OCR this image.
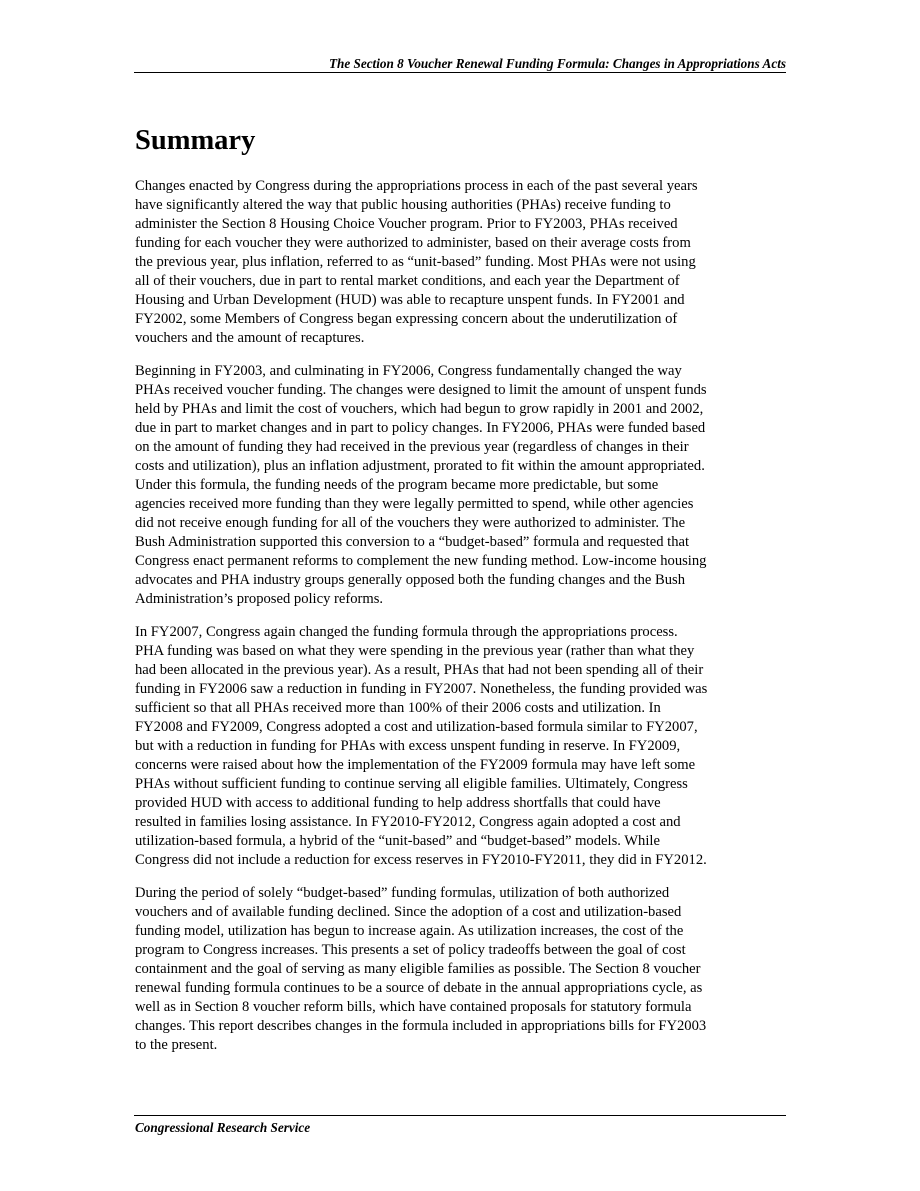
The Section 8 Voucher Renewal Funding Formula: Changes in Appropriations Acts
Summary

Changes enacted by Congress during the appropriations process in each of the past several years
have significantly altered the way that public housing authorities (PHAs) receive funding to
administer the Section 8 Housing Choice Voucher program. Prior to FY2003, PHAs received
funding for each voucher they were authorized to administer, based on their average costs from
the previous year, plus inflation, referred to as “unit-based” funding. Most PHAs were not using
all of their vouchers, due in part to rental market conditions, and each year the Department of
Housing and Urban Development (HUD) was able to recapture unspent funds. In FY2001 and
FY2002, some Members of Congress began expressing concern about the underutilization of
vouchers and the amount of recaptures.

Beginning in FY2003, and culminating in FY2006, Congress fundamentally changed the way
PHAs received voucher funding. The changes were designed to limit the amount of unspent funds
held by PHAs and limit the cost of vouchers, which had begun to grow rapidly in 2001 and 2002,
due in part to market changes and in part to policy changes. In FY2006, PHAs were funded based
on the amount of funding they had received in the previous year (regardless of changes in their
costs and utilization), plus an inflation adjustment, prorated to fit within the amount appropriated.
Under this formula, the funding needs of the program became more predictable, but some
agencies received more funding than they were legally permitted to spend, while other agencies
did not receive enough funding for all of the vouchers they were authorized to administer. The
Bush Administration supported this conversion to a “budget-based” formula and requested that
Congress enact permanent reforms to complement the new funding method. Low-income housing
advocates and PHA industry groups generally opposed both the funding changes and the Bush
Administration’s proposed policy reforms.

In FY2007, Congress again changed the funding formula through the appropriations process.
PHA funding was based on what they were spending in the previous year (rather than what they
had been allocated in the previous year). As a result, PHAs that had not been spending all of their
funding in FY2006 saw a reduction in funding in FY2007. Nonetheless, the funding provided was
sufficient so that all PHAs received more than 100% of their 2006 costs and utilization. In
FY2008 and FY2009, Congress adopted a cost and utilization-based formula similar to FY2007,
but with a reduction in funding for PHAs with excess unspent funding in reserve. In FY2009,
concerns were raised about how the implementation of the FY2009 formula may have left some
PHAs without sufficient funding to continue serving all eligible families. Ultimately, Congress
provided HUD with access to additional funding to help address shortfalls that could have
resulted in families losing assistance. In FY2010-FY2012, Congress again adopted a cost and
utilization-based formula, a hybrid of the “unit-based” and “budget-based” models. While
Congress did not include a reduction for excess reserves in FY2010-FY2011, they did in FY2012.

During the period of solely “budget-based” funding formulas, utilization of both authorized
vouchers and of available funding declined. Since the adoption of a cost and utilization-based
funding model, utilization has begun to increase again. As utilization increases, the cost of the
program to Congress increases. This presents a set of policy tradeoffs between the goal of cost
containment and the goal of serving as many eligible families as possible. The Section 8 voucher
renewal funding formula continues to be a source of debate in the annual appropriations cycle, as
well as in Section 8 voucher reform bills, which have contained proposals for statutory formula
changes. This report describes changes in the formula included in appropriations bills for FY2003
to the present.

Congressional Research Service
